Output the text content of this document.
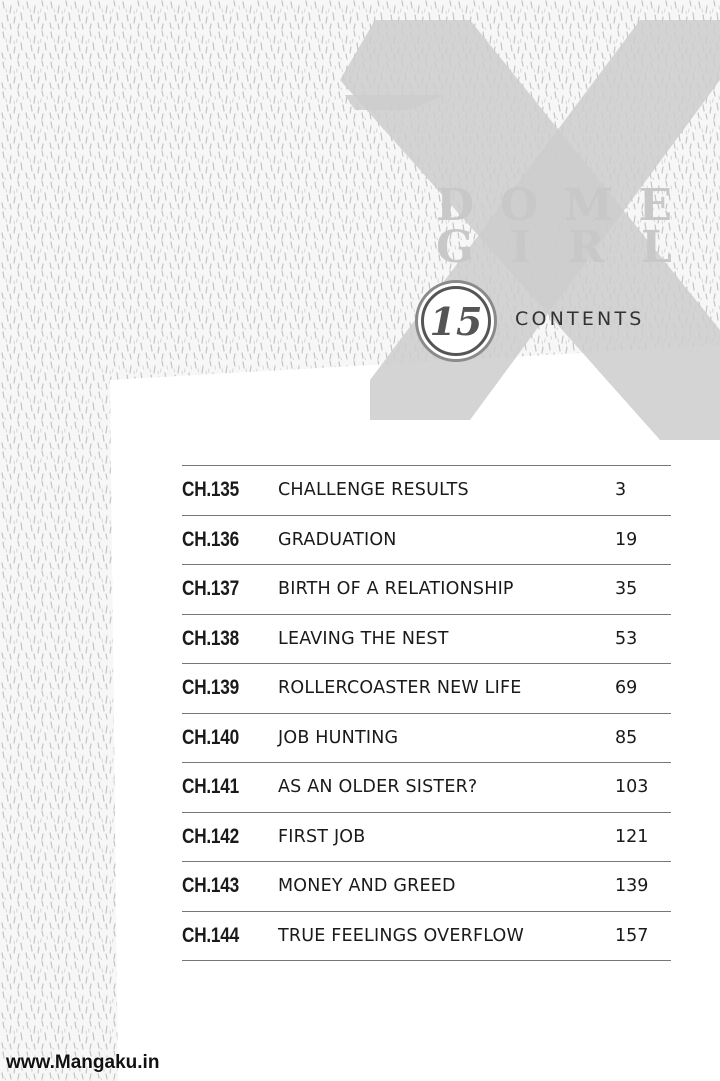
D O M E
G I R L
15	CONTENTS
CH.135 CHALLENGE RESULTS	3
CH.136 GRADUATION	19
CH.137 BIRTH OF A RELATIONSHIP	35
CH.138 LEAVING THE NEST	53
CH.139 ROLLERCOASTER NEW LIFE	69
CH.140 JOB HUNTING	85
CH.141 AS AN OLDER SISTER?	103
CH.142 FIRST JOB	121
CH.143 MONEY AND GREED	139
CH.144 TRUE FEELINGS OVERFLOW	157
www.Mangaku.in
